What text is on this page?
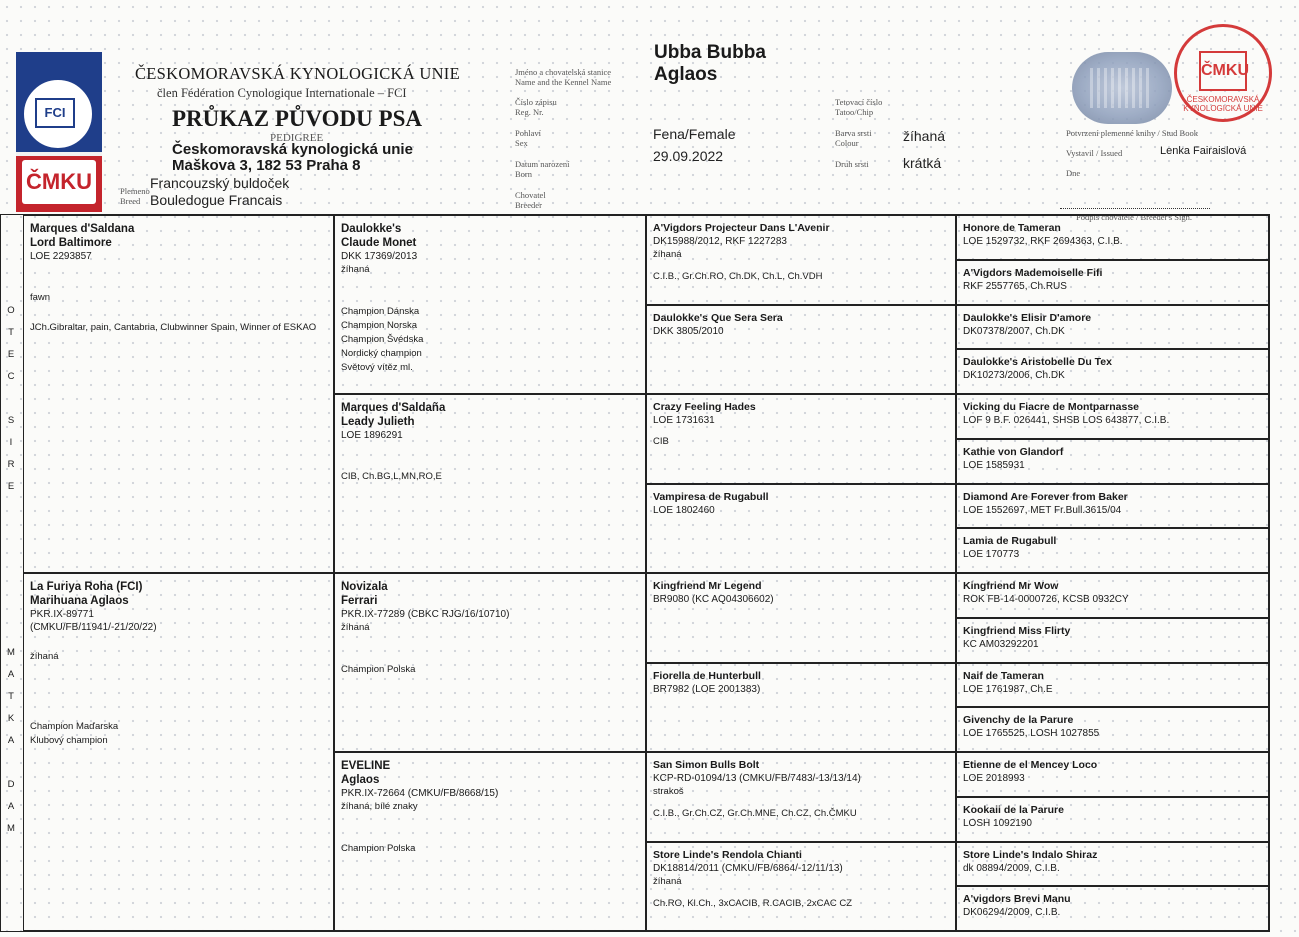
FCI
ČMKU
ČESKOMORAVSKÁ KYNOLOGICKÁ UNIE
člen Fédération Cynologique Internationale – FCI
PRŮKAZ PŮVODU PSA
PEDIGREE
Českomoravská kynologická unie
Maškova 3, 182 53 Praha 8
Plemeno
Breed
Francouzský buldoček
Bouledogue Francais
Jméno a chovatelská stanice
Name and the Kennel Name
Číslo zápisu
Reg. Nr.
Pohlaví
Sex
Datum narození
Born
Chovatel
Breeder
Ubba Bubba
Aglaos
Fena/Female
29.09.2022
Tetovací číslo
Tatoo/Chip
Barva srsti
Colour
Druh srsti
žíhaná
krátká
ČMKU
ČESKOMORAVSKÁ KYNOLOGICKÁ UNIE
Potvrzení plemenné knihy / Stud Book
Vystavil / Issued	Lenka Fairaislová
Dne
Podpis chovatele / Breeder's Sign.
Marques d'Saldana
Lord Baltimore
LOE 2293857
fawn
JCh.Gibraltar, pain, Cantabria, Clubwinner Spain, Winner of ESKAO
La Furiya Roha (FCI)
Marihuana Aglaos
PKR.IX-89771
(CMKU/FB/11941/-21/20/22)
žíhaná
Champion Maďarska
Klubový champion
Daulokke's
Claude Monet
DKK 17369/2013
žíhaná
Champion Dánska
Champion Norska
Champion Švédska
Nordický champion
Světový vítěz ml.
Marques d'Saldaña
Leady Julieth
LOE 1896291
CIB, Ch.BG,L,MN,RO,E
Novizala
Ferrari
PKR.IX-77289 (CBKC RJG/16/10710)
žíhaná
Champion Polska
EVELINE
Aglaos
PKR.IX-72664 (CMKU/FB/8668/15)
žíhaná, bílé znaky
Champion Polska
A'Vigdors Projecteur Dans L'Avenir
DK15988/2012, RKF 1227283
žíhaná
C.I.B., Gr.Ch.RO, Ch.DK, Ch.L, Ch.VDH
Daulokke's Que Sera Sera
DKK 3805/2010
Crazy Feeling Hades
LOE 1731631
CIB
Vampiresa de Rugabull
LOE 1802460
Kingfriend Mr Legend
BR9080 (KC AQ04306602)
Fiorella de Hunterbull
BR7982 (LOE 2001383)
San Simon Bulls Bolt
KCP-RD-01094/13 (CMKU/FB/7483/-13/13/14)
strakoš
C.I.B., Gr.Ch.CZ, Gr.Ch.MNE, Ch.CZ, Ch.ČMKU
Store Linde's Rendola Chianti
DK18814/2011 (CMKU/FB/6864/-12/11/13)
žíhaná
Ch.RO, Kl.Ch., 3xCACIB, R.CACIB, 2xCAC CZ
Honore de Tameran
LOE 1529732, RKF 2694363, C.I.B.
A'Vigdors Mademoiselle Fifi
RKF 2557765, Ch.RUS
Daulokke's Elisir D'amore
DK07378/2007, Ch.DK
Daulokke's Aristobelle Du Tex
DK10273/2006, Ch.DK
Vicking du Fiacre de Montparnasse
LOF 9 B.F. 026441, SHSB LOS 643877, C.I.B.
Kathie von Glandorf
LOE 1585931
Diamond Are Forever from Baker
LOE 1552697, MET Fr.Bull.3615/04
Lamia de Rugabull
LOE 170773
Kingfriend Mr Wow
ROK FB-14-0000726, KCSB 0932CY
Kingfriend Miss Flirty
KC AM03292201
Naif de Tameran
LOE 1761987, Ch.E
Givenchy de la Parure
LOE 1765525, LOSH 1027855
Etienne de el Mencey Loco
LOE 2018993
Kookaii de la Parure
LOSH 1092190
Store Linde's Indalo Shiraz
dk 08894/2009, C.I.B.
A'vigdors Brevi Manu
DK06294/2009, C.I.B.
O
T
E
C
S
I
R
E
M
A
T
K
A
D
A
M
